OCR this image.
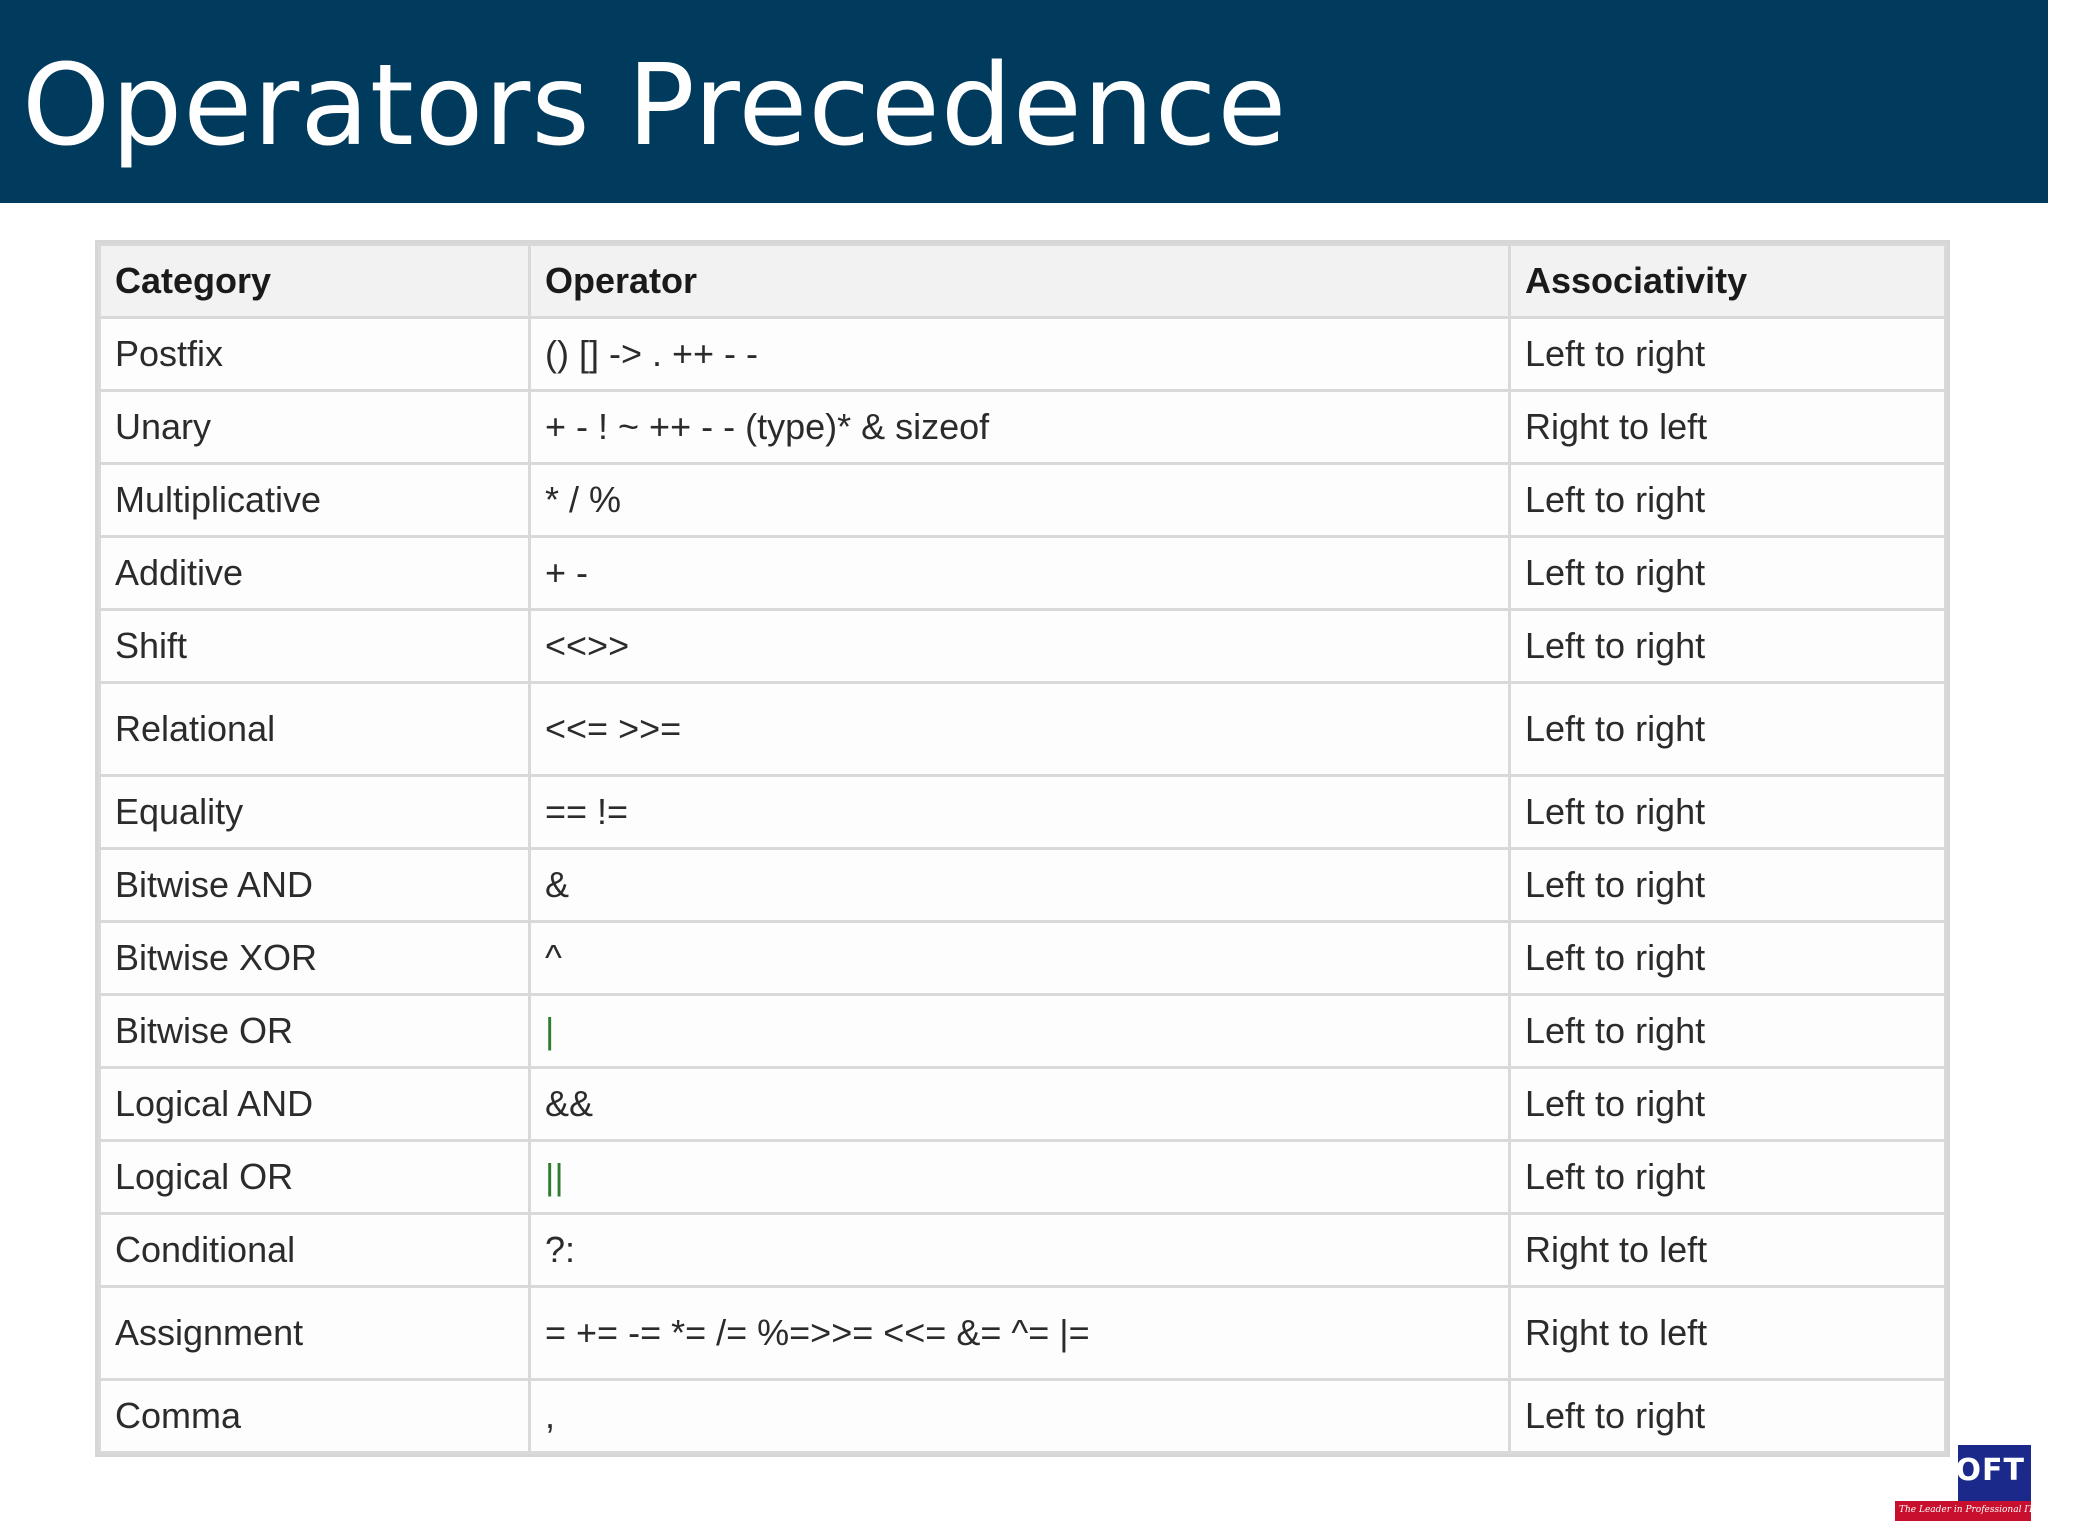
Operators Precedence
Category	Operator	Associativity
Postfix	() [] -> . ++ - -	Left to right
Unary	+ - ! ~ ++ - - (type)* & sizeof	Right to left
Multiplicative	* / %	Left to right
Additive	+ -	Left to right
Shift	<<>>	Left to right
Relational	<<= >>=	Left to right
Equality	== !=	Left to right
Bitwise AND	&	Left to right
Bitwise XOR	^	Left to right
Bitwise OR	|	Left to right
Logical AND	&&	Left to right
Logical OR	||	Left to right
Conditional	?:	Right to left
Assignment	= += -= *= /= %=>>= <<= &= ^= |=	Right to left
Comma	,	Left to right
OFT
The Leader in Professional IT Education
